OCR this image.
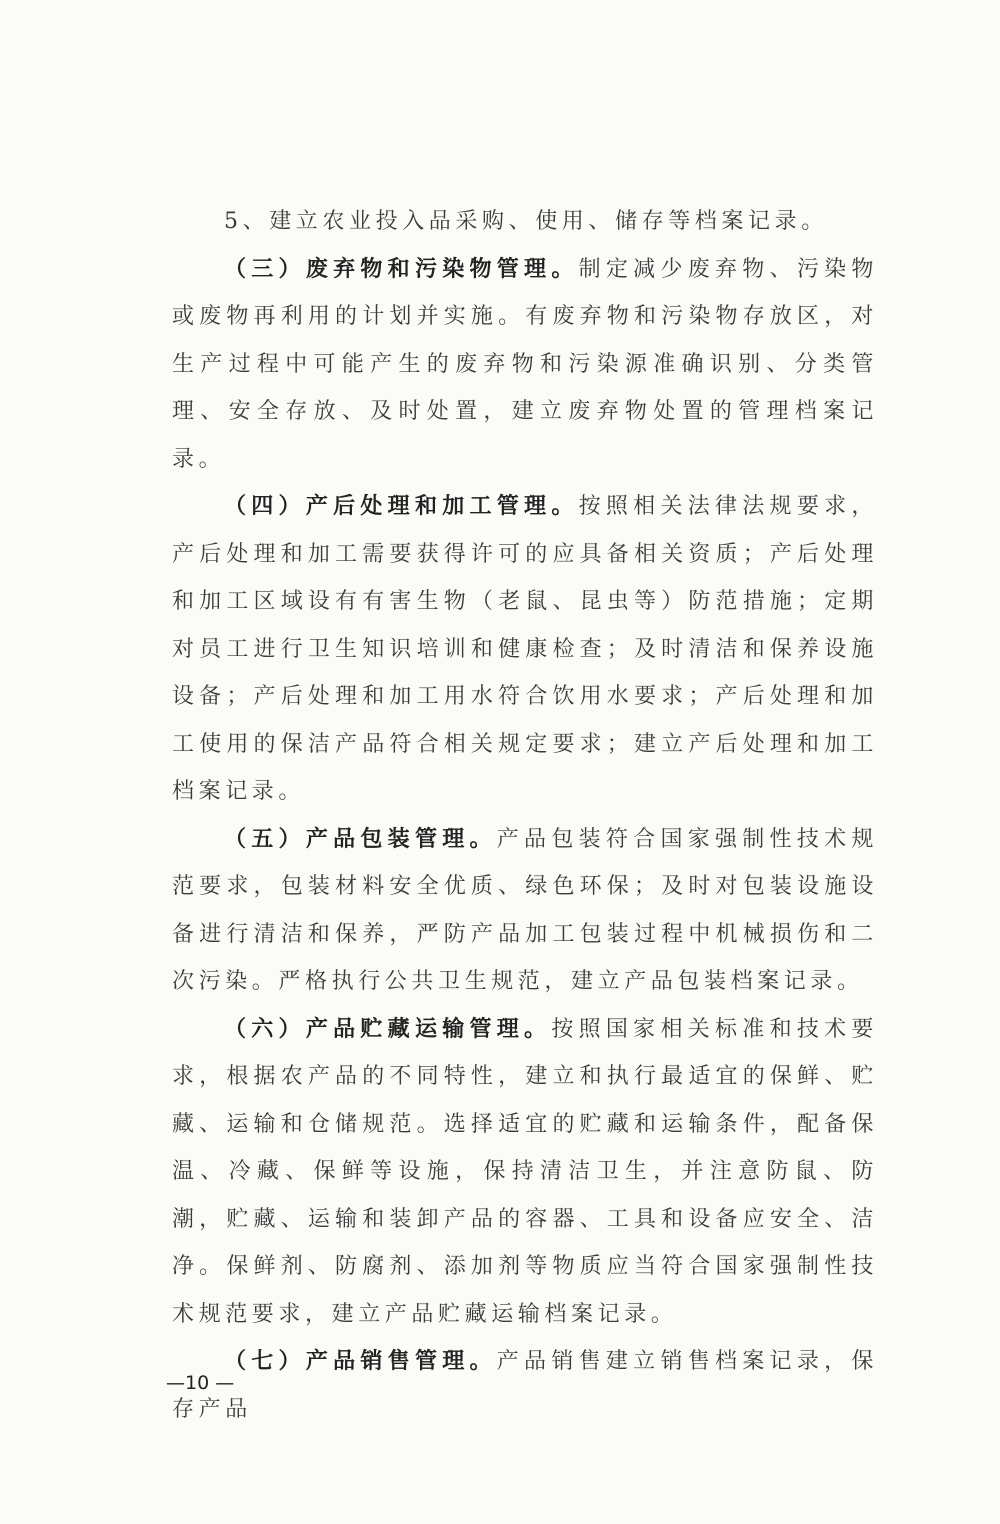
5、建立农业投入品采购、使用、储存等档案记录。

（三）废弃物和污染物管理。制定减少废弃物、污染物或废物再利用的计划并实施。有废弃物和污染物存放区，对生产过程中可能产生的废弃物和污染源准确识别、分类管理、安全存放、及时处置，建立废弃物处置的管理档案记录。

（四）产后处理和加工管理。按照相关法律法规要求，产后处理和加工需要获得许可的应具备相关资质；产后处理和加工区域设有有害生物（老鼠、昆虫等）防范措施；定期对员工进行卫生知识培训和健康检查；及时清洁和保养设施设备；产后处理和加工用水符合饮用水要求；产后处理和加工使用的保洁产品符合相关规定要求；建立产后处理和加工档案记录。

（五）产品包装管理。产品包装符合国家强制性技术规范要求，包装材料安全优质、绿色环保；及时对包装设施设备进行清洁和保养，严防产品加工包装过程中机械损伤和二次污染。严格执行公共卫生规范，建立产品包装档案记录。

（六）产品贮藏运输管理。按照国家相关标准和技术要求，根据农产品的不同特性，建立和执行最适宜的保鲜、贮藏、运输和仓储规范。选择适宜的贮藏和运输条件，配备保温、冷藏、保鲜等设施，保持清洁卫生，并注意防鼠、防潮，贮藏、运输和装卸产品的容器、工具和设备应安全、洁净。保鲜剂、防腐剂、添加剂等物质应当符合国家强制性技术规范要求，建立产品贮藏运输档案记录。

（七）产品销售管理。产品销售建立销售档案记录，保存产品

—10 —
